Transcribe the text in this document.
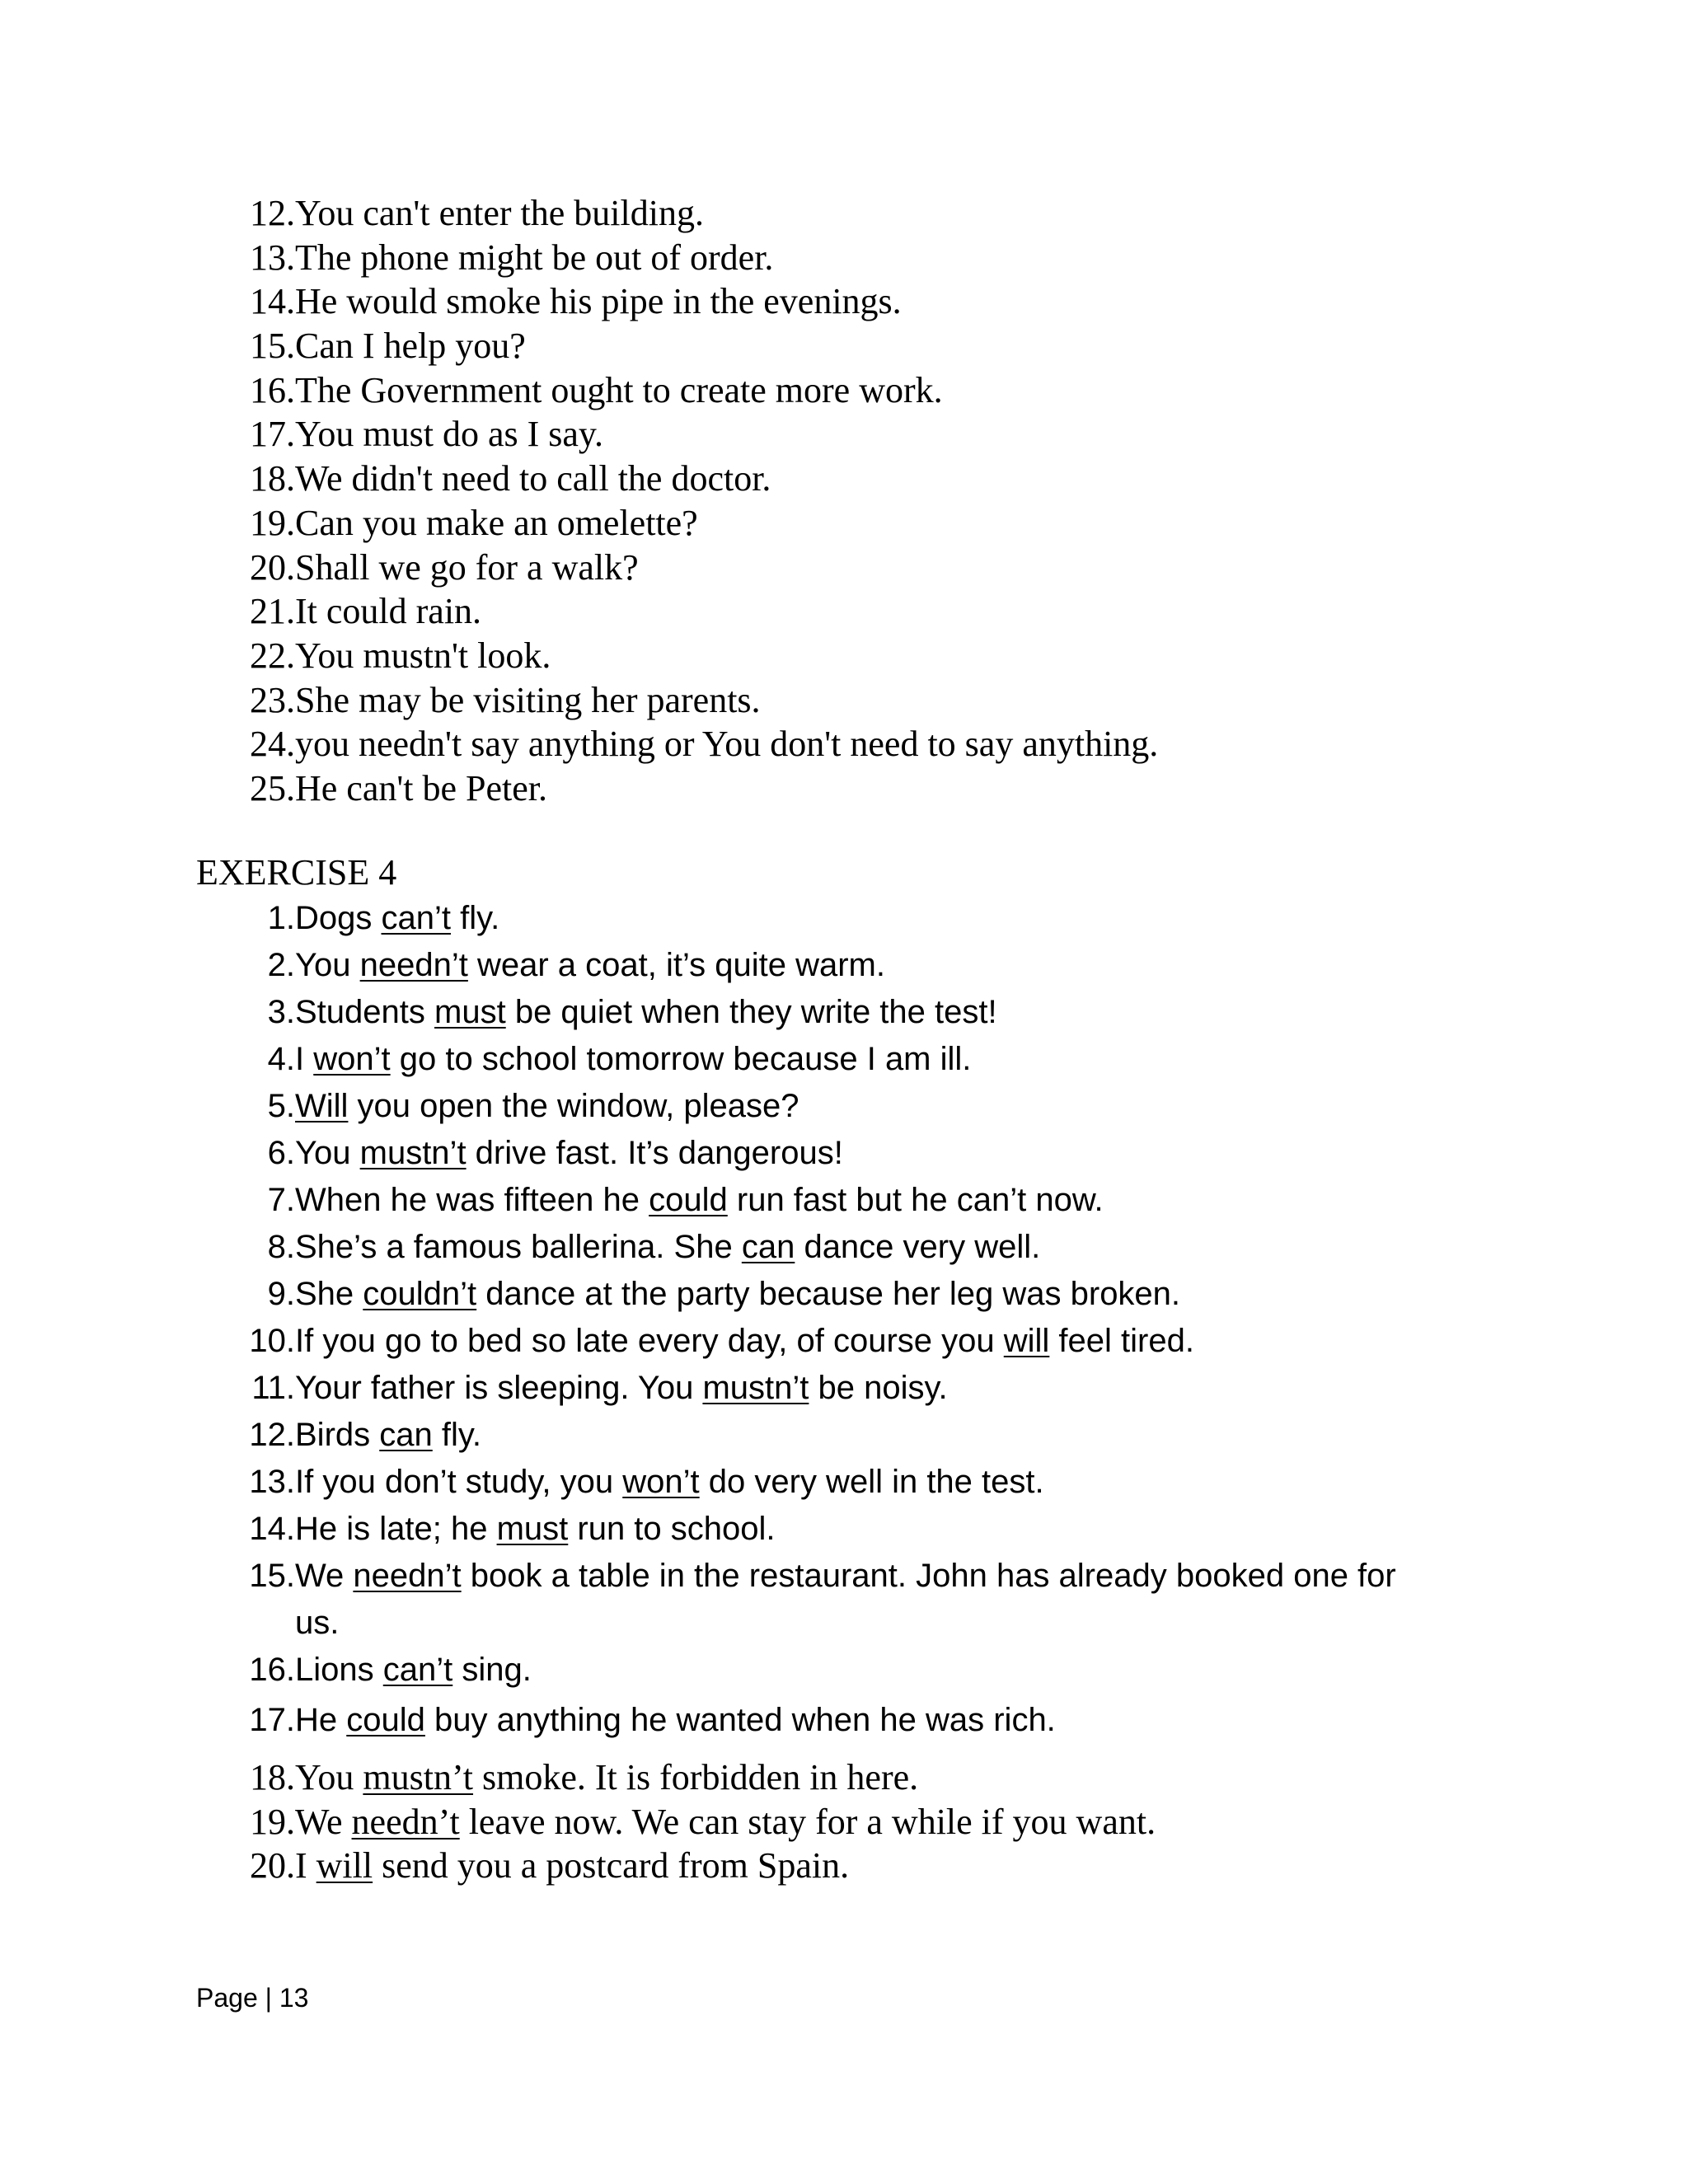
12. You can't enter the building.
13. The phone might be out of order.
14. He would smoke his pipe in the evenings.
15. Can I help you?
16. The Government ought to create more work.
17. You must do as I say.
18. We didn't need to call the doctor.
19. Can you make an omelette?
20. Shall we go for a walk?
21. It could rain.
22. You mustn't look.
23. She may be visiting her parents.
24. you needn't say anything or You don't need to say anything.
25. He can't be Peter.
EXERCISE 4
1. Dogs can’t fly.
2. You needn’t wear a coat, it’s quite warm.
3. Students must be quiet when they write the test!
4. I won’t go to school tomorrow because I am ill.
5. Will you open the window, please?
6. You mustn’t drive fast. It’s dangerous!
7. When he was fifteen he could run fast but he can’t now.
8. She’s a famous ballerina. She can dance very well.
9. She couldn’t dance at the party because her leg was broken.
10. If you go to bed so late every day, of course you will feel tired.
11. Your father is sleeping. You mustn’t be noisy.
12. Birds can fly.
13. If you don’t study, you won’t do very well in the test.
14. He is late; he must run to school.
15. We needn’t book a table in the restaurant. John has already booked one for
us.
16. Lions can’t sing.
17. He could buy anything he wanted when he was rich.
18. You mustn’t smoke. It is forbidden in here.
19. We needn’t leave now. We can stay for a while if you want.
20. I will send you a postcard from Spain.
Page | 13
